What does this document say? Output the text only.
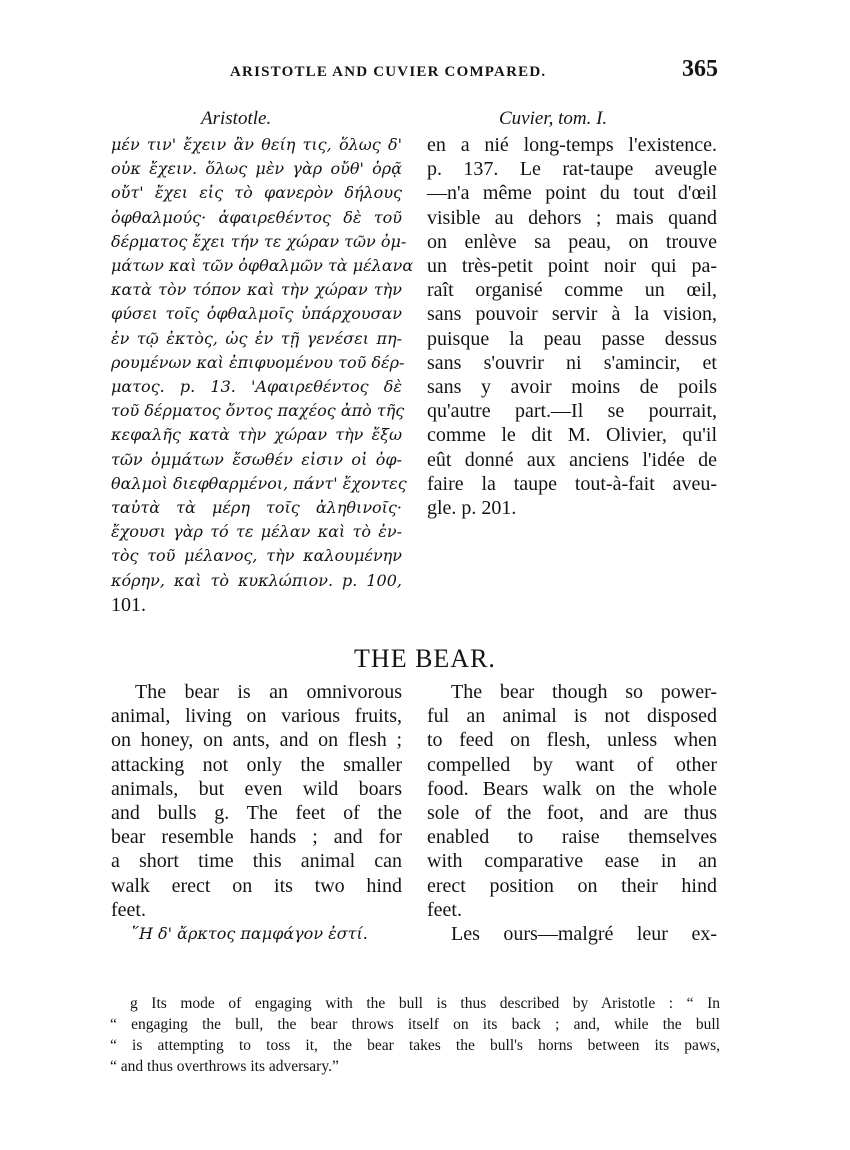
ARISTOTLE AND CUVIER COMPARED.	365
Aristotle.
μέν τιν' ἔχειν ἂν θείη τις, ὅλως δ'
οὐκ ἔχειν. ὅλως μὲν γὰρ οὔθ' ὁρᾷ
οὔτ' ἔχει εἰς τὸ φανερὸν δήλους
ὀφθαλμούς· ἀφαιρεθέντος δὲ τοῦ
δέρματος ἔχει τήν τε χώραν τῶν ὀμ-
μάτων καὶ τῶν ὀφθαλμῶν τὰ μέλανα
κατὰ τὸν τόπον καὶ τὴν χώραν τὴν
φύσει τοῖς ὀφθαλμοῖς ὑπάρχουσαν
ἐν τῷ ἐκτὸς, ὡς ἐν τῇ γενέσει πη-
ρουμένων καὶ ἐπιφυομένου τοῦ δέρ-
ματος. p. 13. 'Αφαιρεθέντος δὲ
τοῦ δέρματος ὄντος παχέος ἀπὸ τῆς
κεφαλῆς κατὰ τὴν χώραν τὴν ἔξω
τῶν ὀμμάτων ἔσωθέν εἰσιν οἱ ὀφ-
θαλμοὶ διεφθαρμένοι, πάντ' ἔχοντες
ταὐτὰ τὰ μέρη τοῖς ἀληθινοῖς·
ἔχουσι γὰρ τό τε μέλαν καὶ τὸ ἐν-
τὸς τοῦ μέλανος, τὴν καλουμένην
κόρην, καὶ τὸ κυκλώπιον. p. 100,
101.
Cuvier, tom. I.
en a nié long-temps l'existence.
p. 137. Le rat-taupe aveugle
—n'a même point du tout d'œil
visible au dehors ; mais quand
on enlève sa peau, on trouve
un très-petit point noir qui pa-
raît organisé comme un œil,
sans pouvoir servir à la vision,
puisque la peau passe dessus
sans s'ouvrir ni s'amincir, et
sans y avoir moins de poils
qu'autre part.—Il se pourrait,
comme le dit M. Olivier, qu'il
eût donné aux anciens l'idée de
faire la taupe tout-à-fait aveu-
gle. p. 201.
THE BEAR.
The bear is an omnivorous
animal, living on various fruits,
on honey, on ants, and on flesh ;
attacking not only the smaller
animals, but even wild boars
and bulls g. The feet of the
bear resemble hands ; and for
a short time this animal can
walk erect on its two hind
feet.
῞Η δ' ἄρκτος παμφάγον ἐστί.
The bear though so power-
ful an animal is not disposed
to feed on flesh, unless when
compelled by want of other
food. Bears walk on the whole
sole of the foot, and are thus
enabled to raise themselves
with comparative ease in an
erect position on their hind
feet.
Les ours—malgré leur ex-
g Its mode of engaging with the bull is thus described by Aristotle : “ In
“ engaging the bull, the bear throws itself on its back ; and, while the bull
“ is attempting to toss it, the bear takes the bull's horns between its paws,
“ and thus overthrows its adversary.”
